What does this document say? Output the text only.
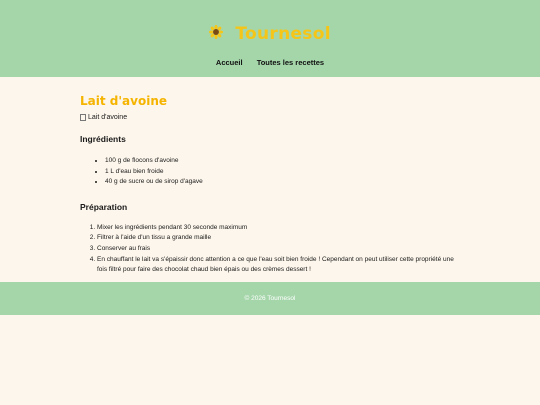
Tournesol
Accueil Toutes les recettes
Lait d'avoine
Lait d'avoine
Ingrédients
• 100 g de flocons d'avoine
• 1 L d'eau bien froide
• 40 g de sucre ou de sirop d'agave
Préparation
1. Mixer les ingrédients pendant 30 seconde maximum
2. Filtrer à l'aide d'un tissu a grande maille
3. Conserver au frais
4. En chauffant le lait va s'épaissir donc attention a ce que l'eau soit bien froide ! Cependant on peut utiliser cette propriété une fois filtré pour faire des chocolat chaud bien épais ou des crèmes dessert !
© 2026 Tournesol
